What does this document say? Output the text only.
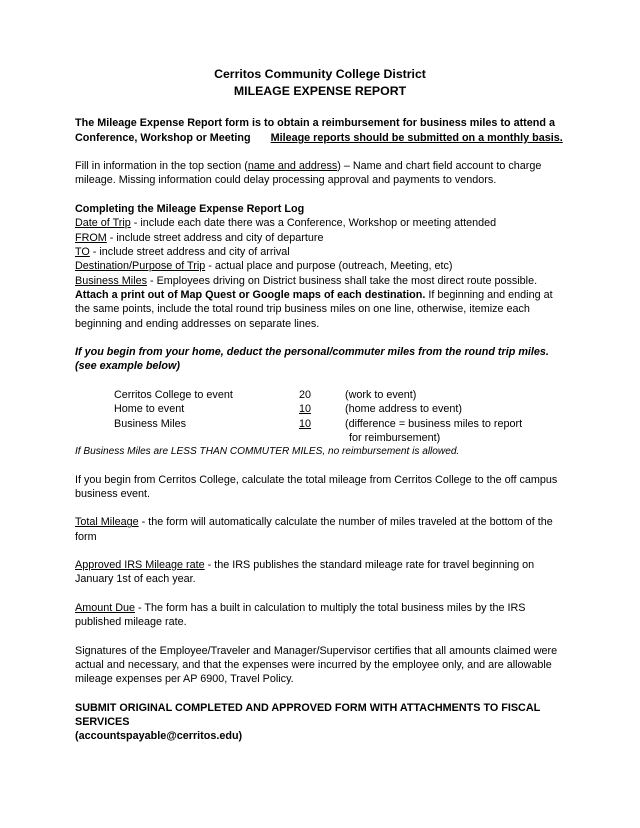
Cerritos Community College District
MILEAGE EXPENSE REPORT

The Mileage Expense Report form is to obtain a reimbursement for business miles to attend a Conference, Workshop or Meeting Mileage reports should be submitted on a monthly basis.

Fill in information in the top section (name and address) – Name and chart field account to charge mileage. Missing information could delay processing approval and payments to vendors.

Completing the Mileage Expense Report Log

Date of Trip - include each date there was a Conference, Workshop or meeting attended

FROM - include street address and city of departure

TO - include street address and city of arrival

Destination/Purpose of Trip - actual place and purpose (outreach, Meeting, etc)

Business Miles - Employees driving on District business shall take the most direct route possible. Attach a print out of Map Quest or Google maps of each destination. If beginning and ending at the same points, include the total round trip business miles on one line, otherwise, itemize each beginning and ending addresses on separate lines.

If you begin from your home, deduct the personal/commuter miles from the round trip miles.
(see example below)

Cerritos College to event	20	(work to event)
Home to event	10	(home address to event)
Business Miles	10	(difference = business miles to report
for reimbursement)

If Business Miles are LESS THAN COMMUTER MILES, no reimbursement is allowed.

If you begin from Cerritos College, calculate the total mileage from Cerritos College to the off campus business event.

Total Mileage - the form will automatically calculate the number of miles traveled at the bottom of the form

Approved IRS Mileage rate - the IRS publishes the standard mileage rate for travel beginning on January 1st of each year.

Amount Due - The form has a built in calculation to multiply the total business miles by the IRS published mileage rate.

Signatures of the Employee/Traveler and Manager/Supervisor certifies that all amounts claimed were actual and necessary, and that the expenses were incurred by the employee only, and are allowable mileage expenses per AP 6900, Travel Policy.

SUBMIT ORIGINAL COMPLETED AND APPROVED FORM WITH ATTACHMENTS TO FISCAL SERVICES
(accountspayable@cerritos.edu)
